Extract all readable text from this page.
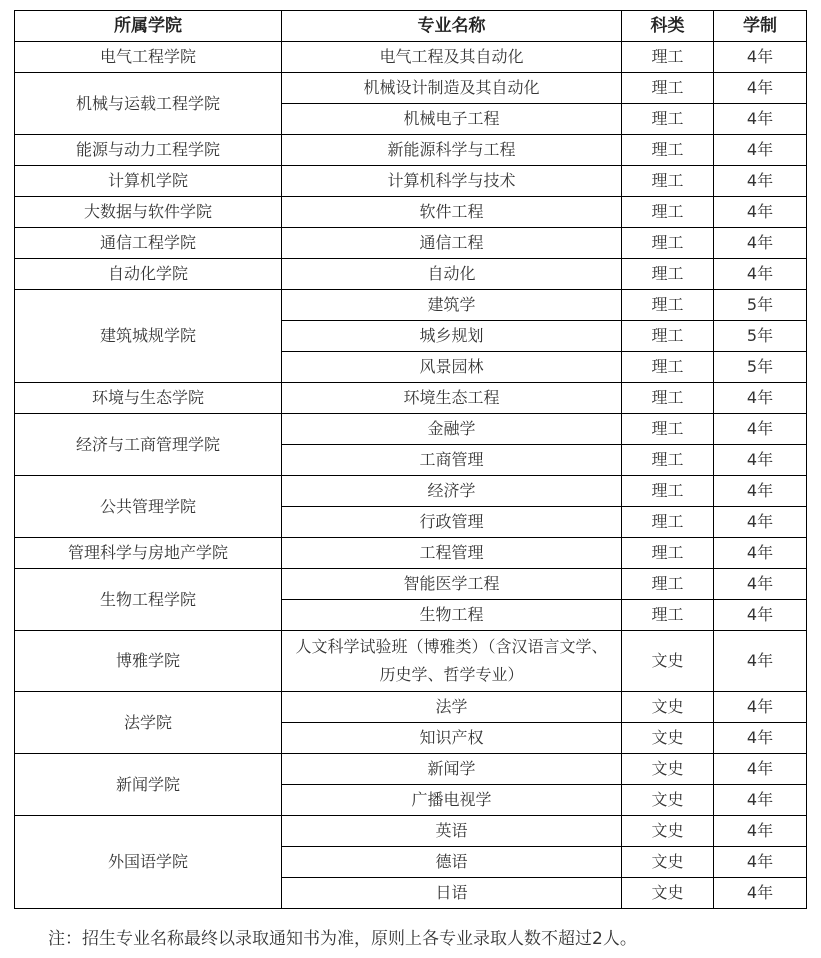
所属学院	专业名称	科类	学制
电气工程学院	电气工程及其自动化	理工	4年
机械与运载工程学院	机械设计制造及其自动化	理工	4年
	机械电子工程	理工	4年
能源与动力工程学院	新能源科学与工程	理工	4年
计算机学院	计算机科学与技术	理工	4年
大数据与软件学院	软件工程	理工	4年
通信工程学院	通信工程	理工	4年
自动化学院	自动化	理工	4年
建筑城规学院	建筑学	理工	5年
	城乡规划	理工	5年
	风景园林	理工	5年
环境与生态学院	环境生态工程	理工	4年
经济与工商管理学院	金融学	理工	4年
	工商管理	理工	4年
公共管理学院	经济学	理工	4年
	行政管理	理工	4年
管理科学与房地产学院	工程管理	理工	4年
生物工程学院	智能医学工程	理工	4年
	生物工程	理工	4年
博雅学院	人文科学试验班（博雅类）（含汉语言文学、历史学、哲学专业）	文史	4年
法学院	法学	文史	4年
	知识产权	文史	4年
新闻学院	新闻学	文史	4年
	广播电视学	文史	4年
外国语学院	英语	文史	4年
	德语	文史	4年
	日语	文史	4年
注：招生专业名称最终以录取通知书为准，原则上各专业录取人数不超过2人。
